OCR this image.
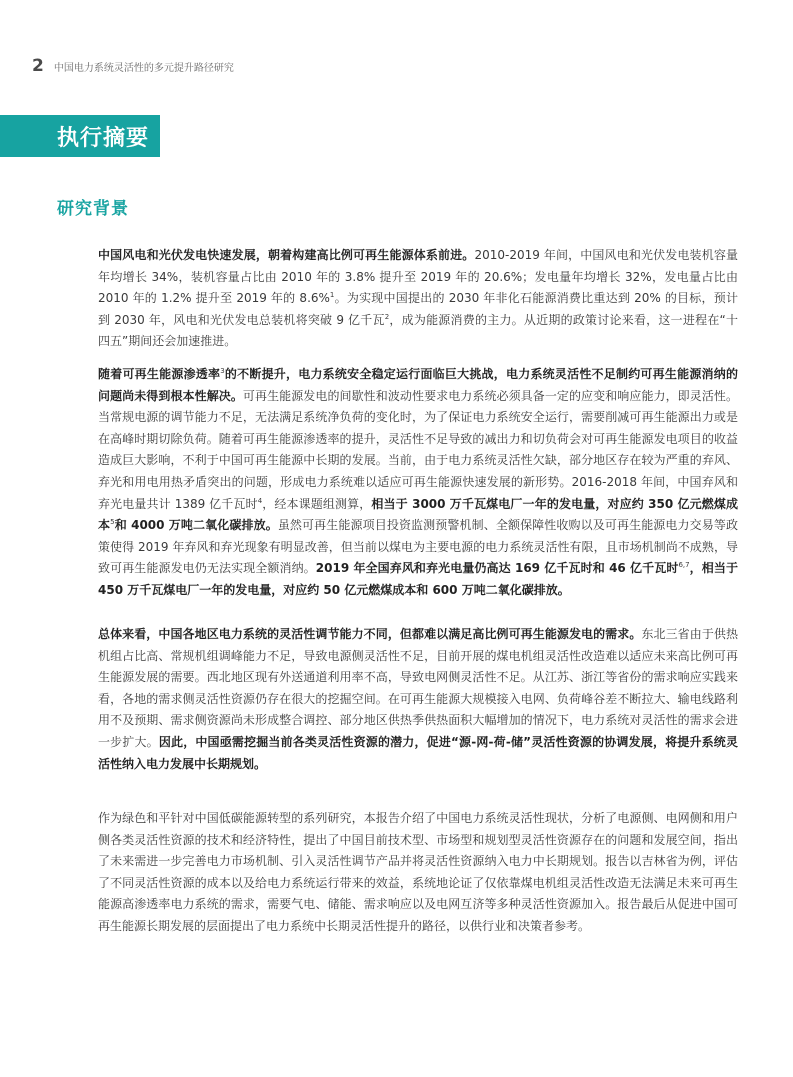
2 中国电力系统灵活性的多元提升路径研究
执行摘要
研究背景

中国风电和光伏发电快速发展，朝着构建高比例可再生能源体系前进。2010-2019 年间，中国风电和光伏发电装机容量年均增长 34%，装机容量占比由 2010 年的 3.8% 提升至 2019 年的 20.6%；发电量年均增长 32%，发电量占比由 2010 年的 1.2% 提升至 2019 年的 8.6%$^1$。为实现中国提出的 2030 年非化石能源消费比重达到 20% 的目标，预计到 2030 年，风电和光伏发电总装机将突破 9 亿千瓦$^2$，成为能源消费的主力。从近期的政策讨论来看，这一进程在“十四五”期间还会加速推进。

随着可再生能源渗透率$^3$的不断提升，电力系统安全稳定运行面临巨大挑战，电力系统灵活性不足制约可再生能源消纳的问题尚未得到根本性解决。可再生能源发电的间歇性和波动性要求电力系统必须具备一定的应变和响应能力，即灵活性。当常规电源的调节能力不足，无法满足系统净负荷的变化时，为了保证电力系统安全运行，需要削减可再生能源出力或是在高峰时期切除负荷。随着可再生能源渗透率的提升，灵活性不足导致的减出力和切负荷会对可再生能源发电项目的收益造成巨大影响，不利于中国可再生能源中长期的发展。当前，由于电力系统灵活性欠缺，部分地区存在较为严重的弃风、弃光和用电用热矛盾突出的问题，形成电力系统难以适应可再生能源快速发展的新形势。2016-2018 年间，中国弃风和弃光电量共计 1389 亿千瓦时$^4$，经本课题组测算，相当于 3000 万千瓦煤电厂一年的发电量，对应约 350 亿元燃煤成本$^5$和 4000 万吨二氧化碳排放。虽然可再生能源项目投资监测预警机制、全额保障性收购以及可再生能源电力交易等政策使得 2019 年弃风和弃光现象有明显改善，但当前以煤电为主要电源的电力系统灵活性有限，且市场机制尚不成熟，导致可再生能源发电仍无法实现全额消纳。2019 年全国弃风和弃光电量仍高达 169 亿千瓦时和 46 亿千瓦时$^{6,7}$，相当于 450 万千瓦煤电厂一年的发电量，对应约 50 亿元燃煤成本和 600 万吨二氧化碳排放。

总体来看，中国各地区电力系统的灵活性调节能力不同，但都难以满足高比例可再生能源发电的需求。东北三省由于供热机组占比高、常规机组调峰能力不足，导致电源侧灵活性不足，目前开展的煤电机组灵活性改造难以适应未来高比例可再生能源发展的需要。西北地区现有外送通道利用率不高，导致电网侧灵活性不足。从江苏、浙江等省份的需求响应实践来看，各地的需求侧灵活性资源仍存在很大的挖掘空间。在可再生能源大规模接入电网、负荷峰谷差不断拉大、输电线路利用不及预期、需求侧资源尚未形成整合调控、部分地区供热季供热面积大幅增加的情况下，电力系统对灵活性的需求会进一步扩大。因此，中国亟需挖掘当前各类灵活性资源的潜力，促进“源-网-荷-储”灵活性资源的协调发展，将提升系统灵活性纳入电力发展中长期规划。

作为绿色和平针对中国低碳能源转型的系列研究，本报告介绍了中国电力系统灵活性现状，分析了电源侧、电网侧和用户侧各类灵活性资源的技术和经济特性，提出了中国目前技术型、市场型和规划型灵活性资源存在的问题和发展空间，指出了未来需进一步完善电力市场机制、引入灵活性调节产品并将灵活性资源纳入电力中长期规划。报告以吉林省为例，评估了不同灵活性资源的成本以及给电力系统运行带来的效益，系统地论证了仅依靠煤电机组灵活性改造无法满足未来可再生能源高渗透率电力系统的需求，需要气电、储能、需求响应以及电网互济等多种灵活性资源加入。报告最后从促进中国可再生能源长期发展的层面提出了电力系统中长期灵活性提升的路径，以供行业和决策者参考。
